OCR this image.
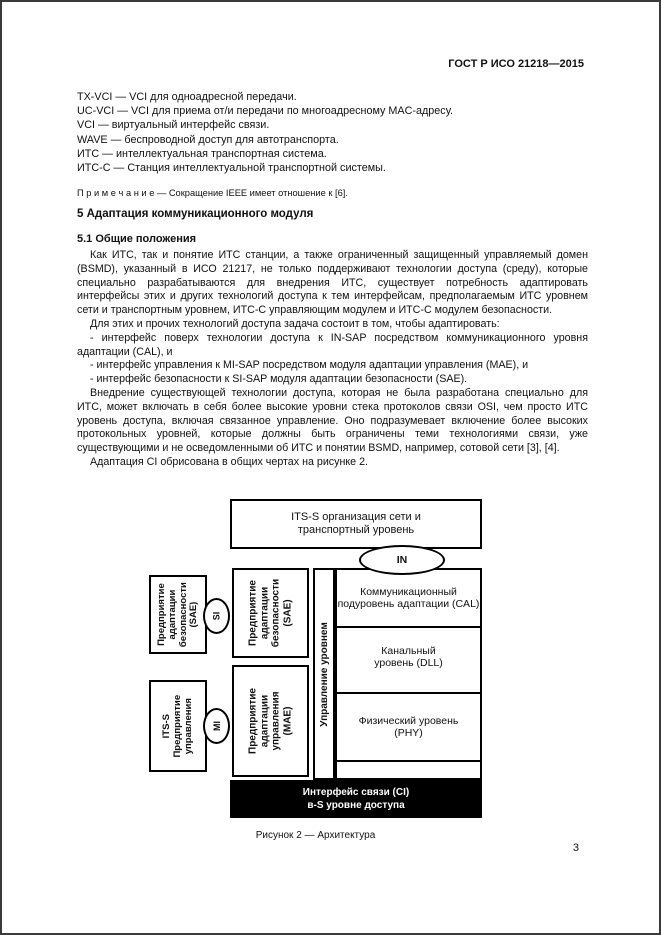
ГОСТ Р ИСО 21218—2015
TX-VCI — VCI для одноадресной передачи.
UC-VCI — VCI для приема от/и передачи по многоадресному MAC-адресу.
VCI — виртуальный интерфейс связи.
WAVE — беспроводной доступ для автотранспорта.
ИТС — интеллектуальная транспортная система.
ИТС-С — Станция интеллектуальной транспортной системы.
П р и м е ч а н и е — Сокращение IEEE имеет отношение к [6].
5 Адаптация коммуникационного модуля
5.1 Общие положения

Как ИТС, так и понятие ИТС станции, а также ограниченный защищенный управляемый домен (BSMD), указанный в ИСО 21217, не только поддерживают технологии доступа (среду), которые специально разрабатываются для внедрения ИТС, существует потребность адаптировать интерфейсы этих и других технологий доступа к тем интерфейсам, предполагаемым ИТС уровнем сети и транспортным уровнем, ИТС-С управляющим модулем и ИТС-С модулем безопасности.

Для этих и прочих технологий доступа задача состоит в том, чтобы адаптировать:

- интерфейс поверх технологии доступа к IN-SAP посредством коммуникационного уровня адаптации (CAL), и

- интерфейс управления к MI-SAP посредством модуля адаптации управления (MAE), и

- интерфейс безопасности к SI-SAP модуля адаптации безопасности (SAE).

Внедрение существующей технологии доступа, которая не была разработана специально для ИТС, может включать в себя более высокие уровни стека протоколов связи OSI, чем просто ИТС уровень доступа, включая связанное управление. Оно подразумевает включение более высоких протокольных уровней, которые должны быть ограничены теми технологиями связи, уже существующими и не осведомленными об ИТС и понятии BSMD, например, сотовой сети [3], [4].

Адаптация CI обрисована в общих чертах на рисунке 2.

ITS-S организация сети и транспортный уровень
IN
Предприятие адаптации безопасности (SAE) SI	Предприятие адаптации безопасности (SAE)
ITS-S Предприятие управления MI	Предприятие адаптации управления (MAE)	Управление уровнем
Коммуникационный подуровень адаптации (CAL)
Канальный уровень (DLL)
Физический уровень (PHY)
Интерфейс связи (CI)
в-S уровне доступа
Рисунок 2 — Архитектура
3
